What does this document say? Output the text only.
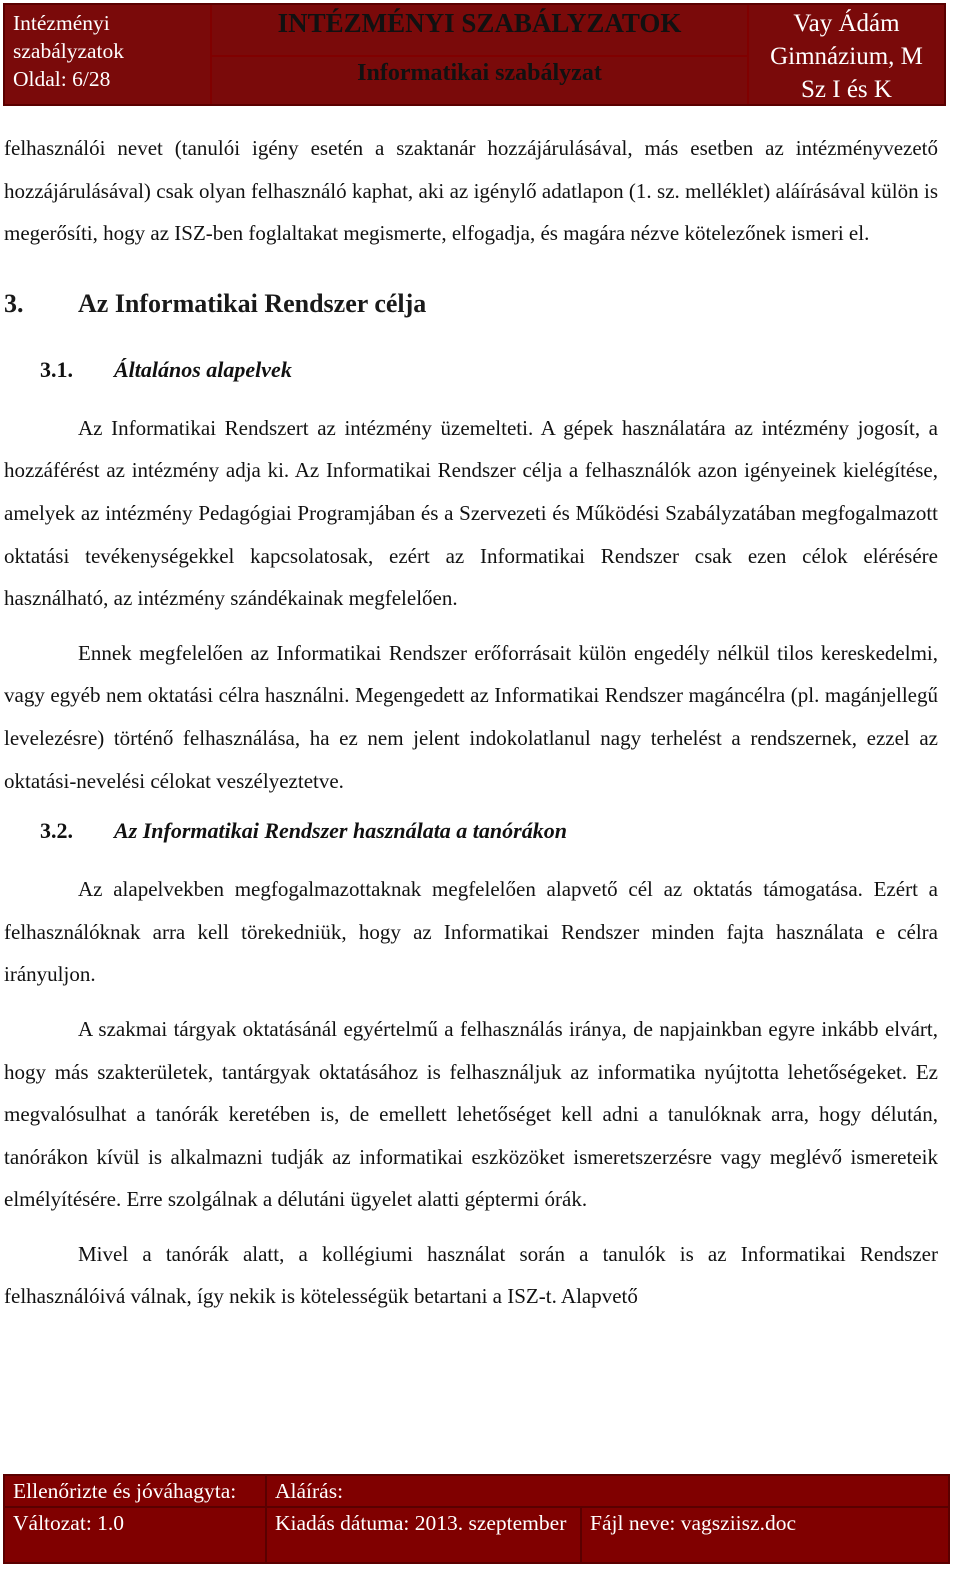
Intézményi
szabályzatok
Oldal: 6/28
INTÉZMÉNYI SZABÁLYZATOK
Informatikai szabályzat
Vay Ádám
Gimnázium, M
Sz I és K

felhasználói nevet (tanulói igény esetén a szaktanár hozzájárulásával, más esetben az intézményvezető hozzájárulásával) csak olyan felhasználó kaphat, aki az igénylő adatlapon (1. sz. melléklet) aláírásával külön is megerősíti, hogy az ISZ-ben foglaltakat megismerte, elfogadja, és magára nézve kötelezőnek ismeri el.

3.	Az Informatikai Rendszer célja
3.1.	Általános alapelvek

Az Informatikai Rendszert az intézmény üzemelteti. A gépek használatára az intézmény jogosít, a hozzáférést az intézmény adja ki. Az Informatikai Rendszer célja a felhasználók azon igényeinek kielégítése, amelyek az intézmény Pedagógiai Programjában és a Szervezeti és Működési Szabályzatában megfogalmazott oktatási tevékenységekkel kapcsolatosak, ezért az Informatikai Rendszer csak ezen célok elérésére használható, az intézmény szándékainak megfelelően.

Ennek megfelelően az Informatikai Rendszer erőforrásait külön engedély nélkül tilos kereskedelmi, vagy egyéb nem oktatási célra használni. Megengedett az Informatikai Rendszer magáncélra (pl. magánjellegű levelezésre) történő felhasználása, ha ez nem jelent indokolatlanul nagy terhelést a rendszernek, ezzel az oktatási-nevelési célokat veszélyeztetve.

3.2.	Az Informatikai Rendszer használata a tanórákon

Az alapelvekben megfogalmazottaknak megfelelően alapvető cél az oktatás támogatása. Ezért a felhasználóknak arra kell törekedniük, hogy az Informatikai Rendszer minden fajta használata e célra irányuljon.

A szakmai tárgyak oktatásánál egyértelmű a felhasználás iránya, de napjainkban egyre inkább elvárt, hogy más szakterületek, tantárgyak oktatásához is felhasználjuk az informatika nyújtotta lehetőségeket. Ez megvalósulhat a tanórák keretében is, de emellett lehetőséget kell adni a tanulóknak arra, hogy délután, tanórákon kívül is alkalmazni tudják az informatikai eszközöket ismeretszerzésre vagy meglévő ismereteik elmélyítésére. Erre szolgálnak a délutáni ügyelet alatti géptermi órák.

Mivel a tanórák alatt, a kollégiumi használat során a tanulók is az Informatikai Rendszer felhasználóivá válnak, így nekik is kötelességük betartani a ISZ-t. Alapvető

Ellenőrizte és jóváhagyta:	Aláírás:
Változat: 1.0	Kiadás dátuma: 2013. szeptember	Fájl neve: vagsziisz.doc
